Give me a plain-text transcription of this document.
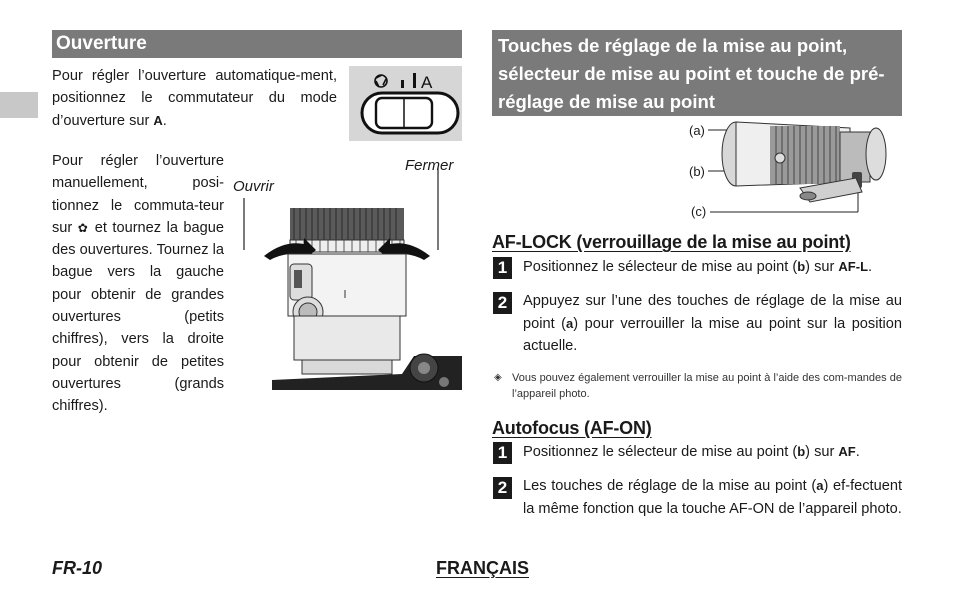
Ouverture
Pour régler l’ouverture automatique-ment, positionnez le commutateur du mode d’ouverture sur A.
A
Pour régler l’ouverture manuellement, posi-tionnez le commuta-teur sur ✿ et tournez la bague des ouvertures. Tournez la bague vers la gauche pour obtenir de grandes ouvertures (petits chiffres), vers la droite pour obtenir de petites ouvertures (grands chiffres).
Ouvrir
Fermer
Touches de réglage de la mise au point, sélecteur de mise au point et touche de pré-réglage de mise au point
(a)
(b)
(c)
AF-LOCK (verrouillage de la mise au point)
1	Positionnez le sélecteur de mise au point (b) sur AF-L.
2	Appuyez sur l’une des touches de réglage de la mise au point (a) pour verrouiller la mise au point sur la position actuelle.
◈ Vous pouvez également verrouiller la mise au point à l’aide des com-mandes de l’appareil photo.
Autofocus (AF-ON)
1	Positionnez le sélecteur de mise au point (b) sur AF.
2	Les touches de réglage de la mise au point (a) ef-fectuent la même fonction que la touche AF-ON de l’appareil photo.
FR-10	FRANÇAIS
